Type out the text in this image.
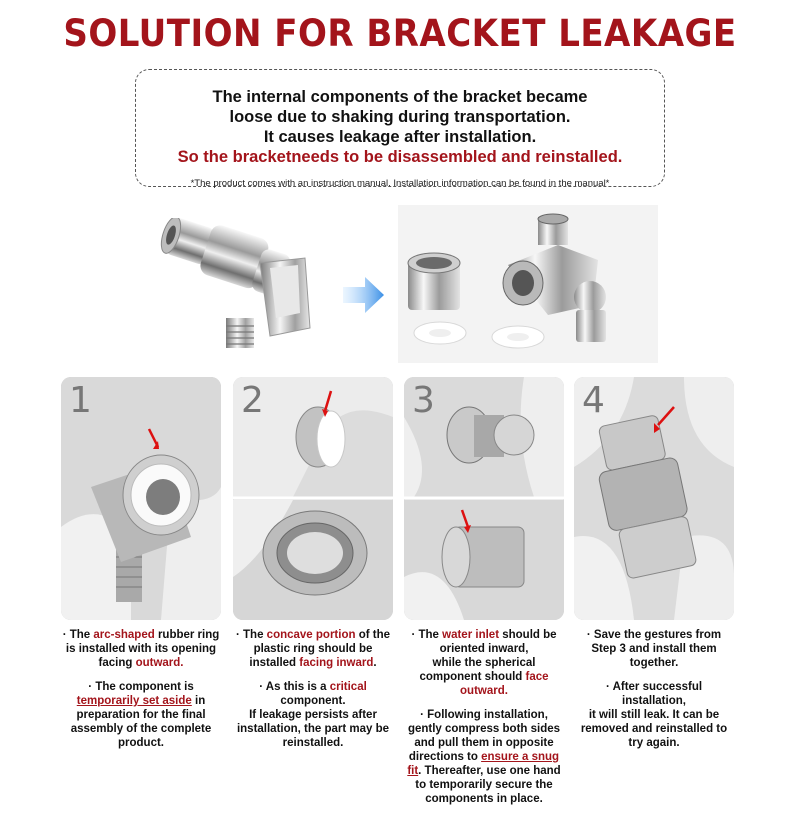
SOLUTION FOR BRACKET LEAKAGE
The internal components of the bracket became
loose due to shaking during transportation.
It causes leakage after installation.
So the bracketneeds to be disassembled and reinstalled.
*The product comes with an instruction manual. Installation information can be found in the manual*
1	2	3	4

· The arc-shaped rubber ring is installed with its opening facing outward.

· The component is temporarily set aside in preparation for the final assembly of the complete product.

· The concave portion of the plastic ring should be installed facing inward.

· As this is a critical component.
If leakage persists after installation, the part may be reinstalled.

· The water inlet should be oriented inward,
while the spherical component should face outward.

· Following installation, gently compress both sides and pull them in opposite directions to ensure a snug fit. Thereafter, use one hand to temporarily secure the components in place.

· Save the gestures from Step 3 and install them together.

· After successful installation,
it will still leak. It can be removed and reinstalled to try again.
